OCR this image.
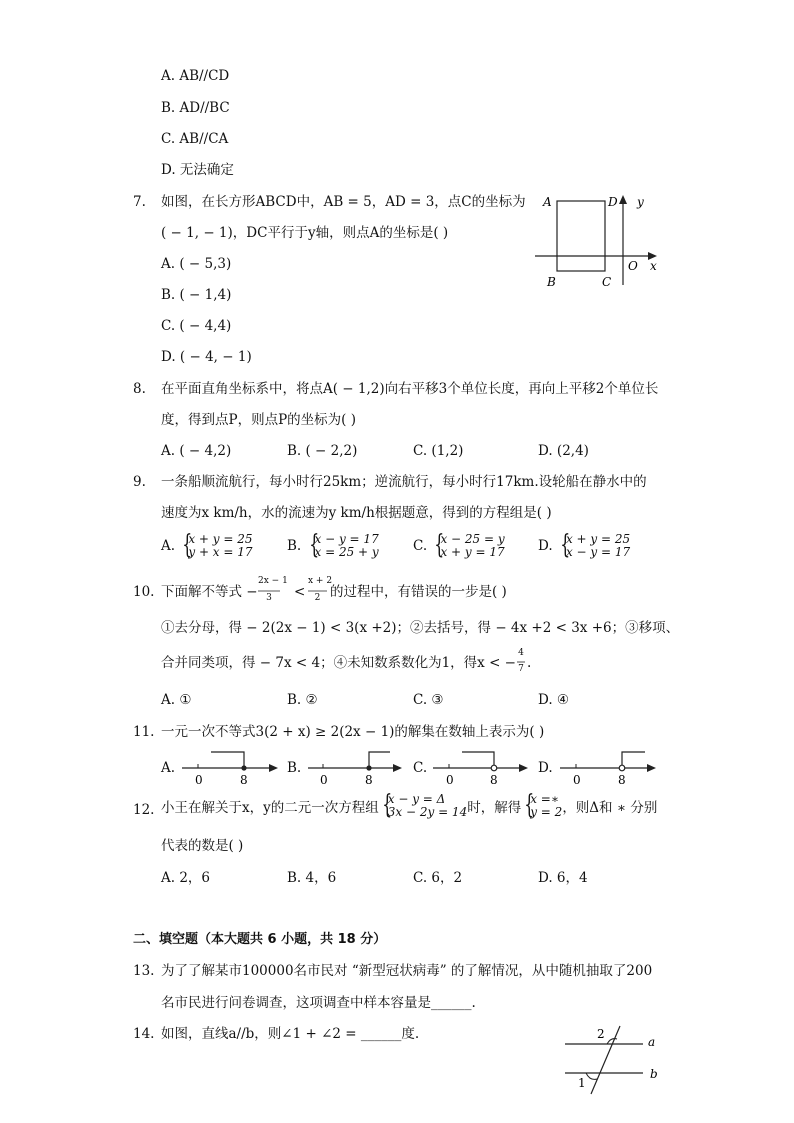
A. AB//CD
B. AD//BC
C. AB//CA
D. 无法确定
7. 如图，在长方形ABCD中，AB = 5，AD = 3，点C的坐标为
( − 1, − 1)，DC平行于y轴，则点A的坐标是( )
A. ( − 5,3)
B. ( − 1,4)
C. ( − 4,4)
D. ( − 4, − 1)
A	D y
B	C
O x
0	8	0	8	0	8	0	8
2
1
a
b
8. 在平面直角坐标系中，将点A( − 1,2)向右平移3个单位长度，再向上平移2个单位长
度，得到点P，则点P的坐标为( )
A. ( − 4,2)	B. ( − 2,2)	C. (1,2)	D. (2,4)
9. 一条船顺流航行，每小时行25km；逆流航行，每小时行17km.设轮船在静水中的
速度为x km/h，水的流速为y km/h根据题意，得到的方程组是( )
A. {
x + y = 25
y + x = 17	B. {
x − y = 17
x = 25 + y	C. {
x − 25 = y
x + y = 17 D. {
x + y = 25
x − y = 17
10. 下面解不等式 −
2x − 1
3	<
x + 2
2 的过程中，有错误的一步是( )
①去分母，得 − 2(2x − 1) < 3(x +2)；②去括号，得 − 4x +2 < 3x +6；③移项、
合并同类项，得 − 7x < 4；④未知数系数化为1，得x < −
4
7 .
A. ①	B. ②	C. ③	D. ④
11. 一元一次不等式3(2 + x) ≥ 2(2x − 1)的解集在数轴上表示为( )
A.	B.	C.	D.
12. 小王在解关于x，y的二元一次方程组 {
x − y = Δ
3x − 2y = 14 时，解得 {
x =∗
y = 2 ，则Δ和 ∗ 分别
代表的数是( )
A. 2，6	B. 4，6	C. 6，2	D. 6，4
二、填空题（本大题共 6 小题，共 18 分）
13. 为了了解某市100000名市民对 “新型冠状病毒” 的了解情况，从中随机抽取了200
名市民进行问卷调查，这项调查中样本容量是______.
14. 如图，直线a//b，则∠1 + ∠2 = ______度.
